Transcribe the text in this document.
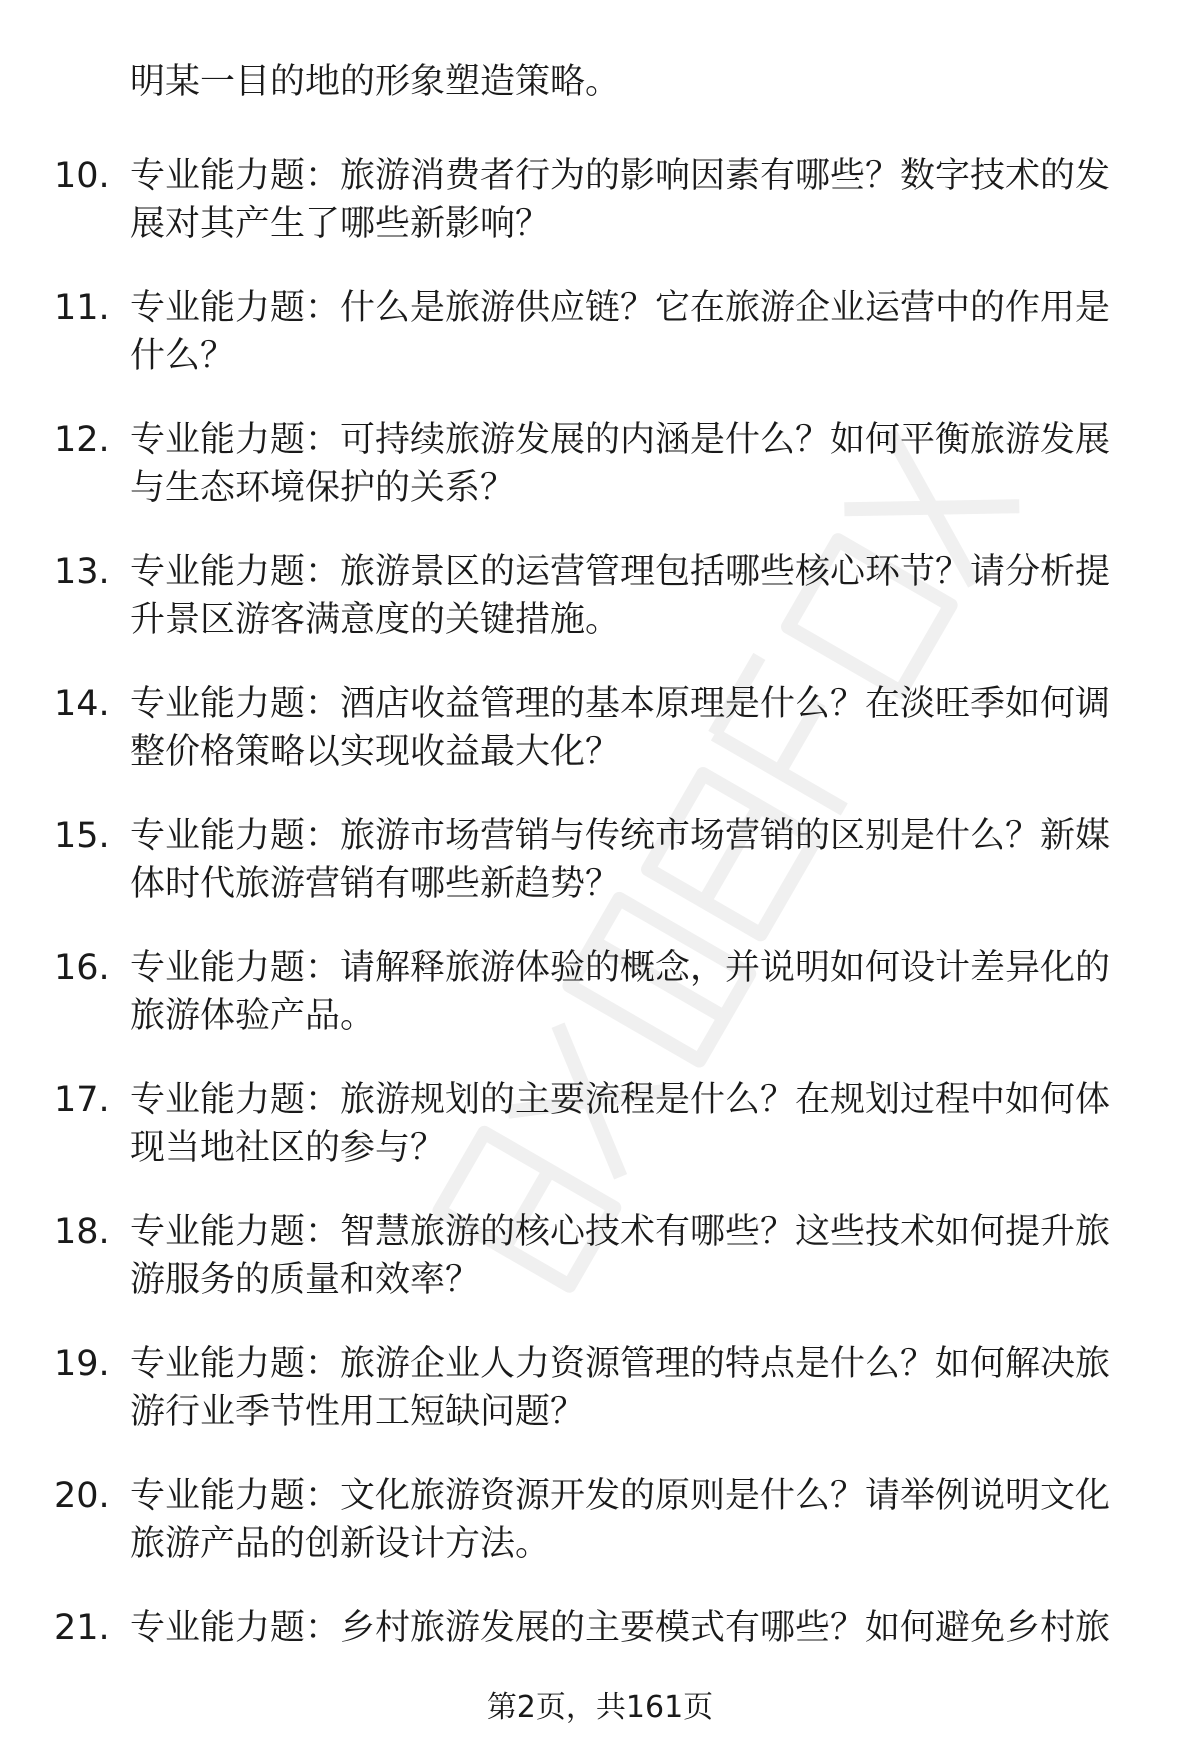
明某一目的地的形象塑造策略。
10. 专业能力题：旅游消费者行为的影响因素有哪些？数字技术的发
展对其产生了哪些新影响？
11. 专业能力题：什么是旅游供应链？它在旅游企业运营中的作用是
什么？
12. 专业能力题：可持续旅游发展的内涵是什么？如何平衡旅游发展
与生态环境保护的关系？
13. 专业能力题：旅游景区的运营管理包括哪些核心环节？请分析提
升景区游客满意度的关键措施。
14. 专业能力题：酒店收益管理的基本原理是什么？在淡旺季如何调
整价格策略以实现收益最大化？
15. 专业能力题：旅游市场营销与传统市场营销的区别是什么？新媒
体时代旅游营销有哪些新趋势？
16. 专业能力题：请解释旅游体验的概念，并说明如何设计差异化的
旅游体验产品。
17. 专业能力题：旅游规划的主要流程是什么？在规划过程中如何体
现当地社区的参与？
18. 专业能力题：智慧旅游的核心技术有哪些？这些技术如何提升旅
游服务的质量和效率？
19. 专业能力题：旅游企业人力资源管理的特点是什么？如何解决旅
游行业季节性用工短缺问题？
20. 专业能力题：文化旅游资源开发的原则是什么？请举例说明文化
旅游产品的创新设计方法。
21. 专业能力题：乡村旅游发展的主要模式有哪些？如何避免乡村旅
第2页，共161页
